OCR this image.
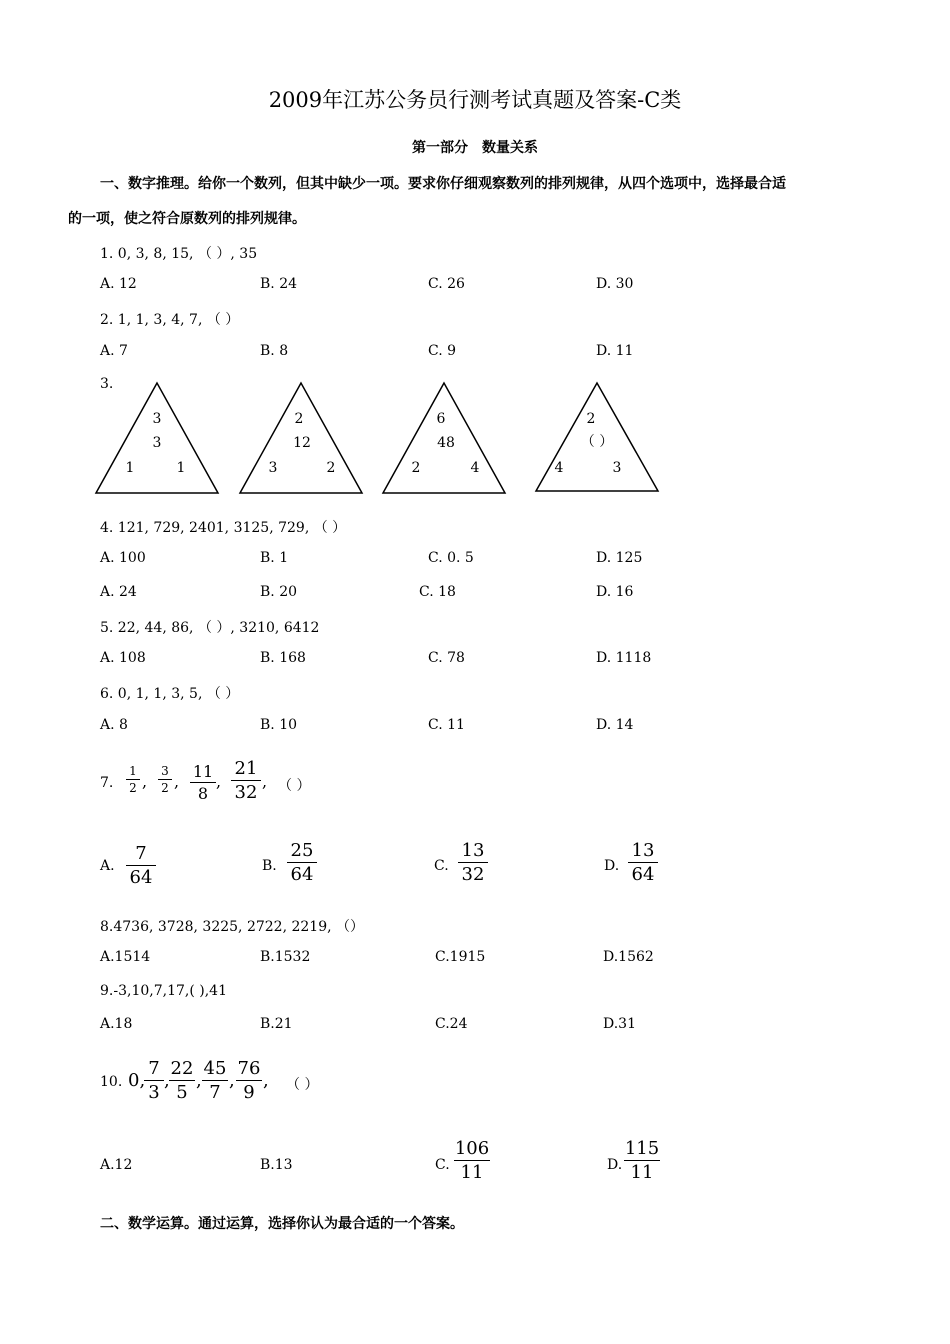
2009年江苏公务员行测考试真题及答案-C类
第一部分　数量关系
一、数字推理。给你一个数列，但其中缺少一项。要求你仔细观察数列的排列规律，从四个选项中，选择最合适
的一项，使之符合原数列的排列规律。
1. 0, 3, 8, 15, （ ）, 35
A. 12	B. 24	C. 26	D. 30
2. 1, 1, 3, 4, 7, （ ）
A. 7	B. 8	C. 9	D. 11
3.
3
3
1	1
2
12
3	2
6
48
2	4
2
（ ）
4	3
4. 121, 729, 2401, 3125, 729, （ ）
A. 100	B. 1	C. 0. 5	D. 125
A. 24	B. 20	C. 18	D. 16
5. 22, 44, 86, （ ）, 3210, 6412
A. 108	B. 168	C. 78	D. 1118
6. 0, 1, 1, 3, 5, （ ）
A. 8	B. 10	C. 11	D. 14
7.
1
2 ,
3
2 ,
11
8
,
21
32
, （ ）
A.
7
64
B.
25
64	C.
13
32	D.
13
64
8.4736, 3728, 3225, 2722, 2219, （）
A.1514	B.1532	C.1915	D.1562
9.-3,10,7,17,( ),41
A.18	B.21	C.24	D.31
10. 0,
7
3
,
22
5
,
45
7
,
76
9
, （ ）
A.12	B.13	C.
106
11	D.
115
11
二、数学运算。通过运算，选择你认为最合适的一个答案。
